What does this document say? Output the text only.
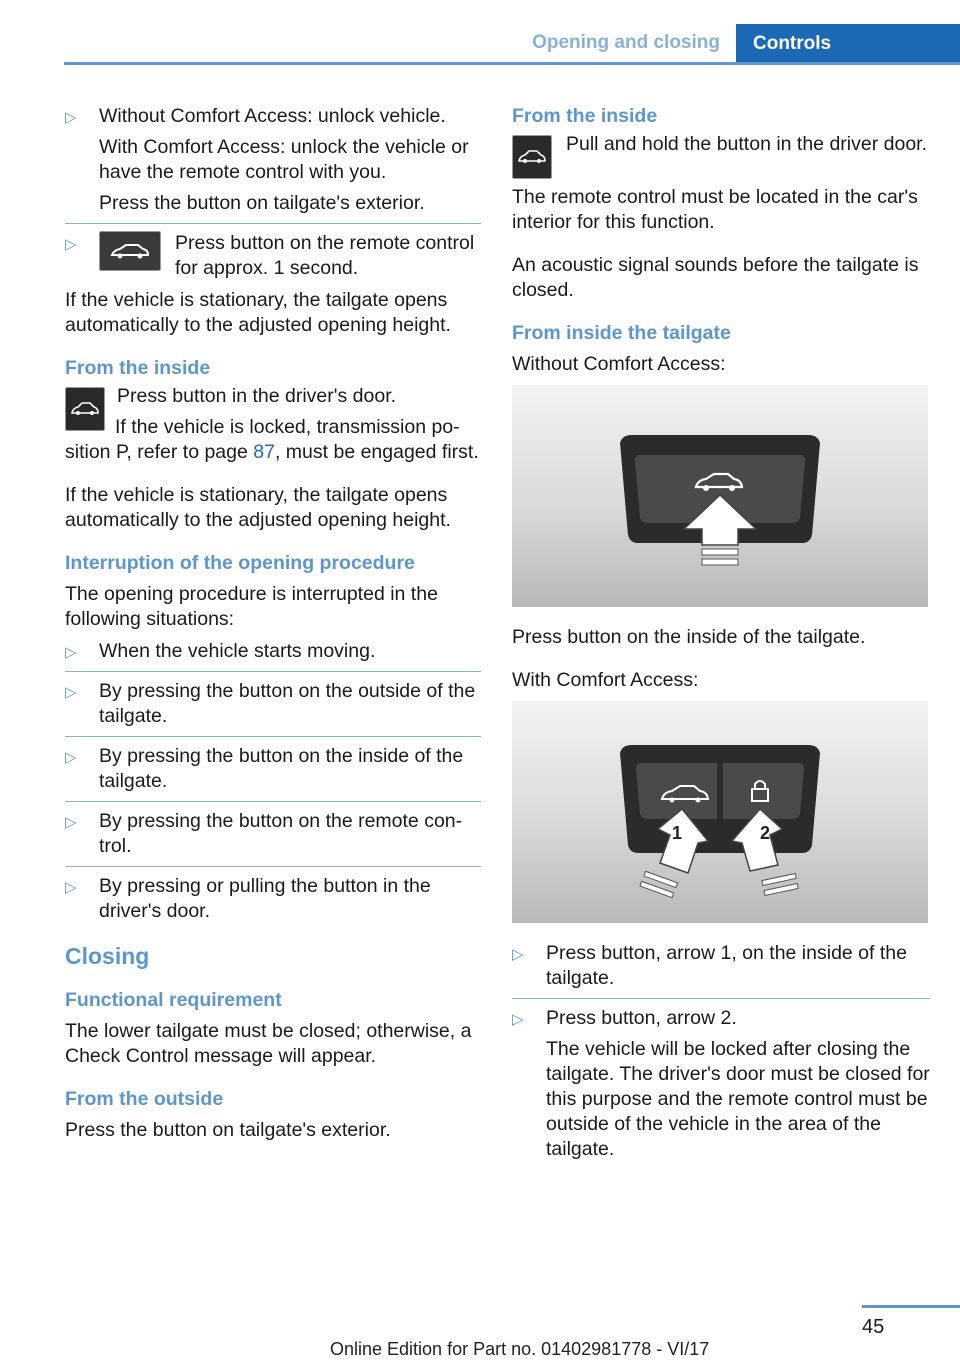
Opening and closing	Controls
▷ Without Comfort Access: unlock vehicle.
With Comfort Access: unlock the vehicle or have the remote control with you.
Press the button on tailgate's exterior.
▷	Press button on the remote control for approx. 1 second.

If the vehicle is stationary, the tailgate opens automatically to the adjusted opening height.

From the inside
Press button in the driver's door.

If the vehicle is locked, transmission position P, refer to page 87, must be engaged first.

If the vehicle is stationary, the tailgate opens automatically to the adjusted opening height.

Interruption of the opening procedure

The opening procedure is interrupted in the following situations:

▷ When the vehicle starts moving.
▷ By pressing the button on the outside of the tailgate.
▷ By pressing the button on the inside of the tailgate.
▷ By pressing the button on the remote control.
▷ By pressing or pulling the button in the driver's door.
Closing
Functional requirement

The lower tailgate must be closed; otherwise, a Check Control message will appear.

From the outside

Press the button on tailgate's exterior.

From the inside
Pull and hold the button in the driver door.

The remote control must be located in the car's interior for this function.

An acoustic signal sounds before the tailgate is closed.

From inside the tailgate

Without Comfort Access:

Press button on the inside of the tailgate.

With Comfort Access:

1	2
▷ Press button, arrow 1, on the inside of the tailgate.
▷ Press button, arrow 2.
The vehicle will be locked after closing the tailgate. The driver's door must be closed for this purpose and the remote control must be outside of the vehicle in the area of the tailgate.
45
Online Edition for Part no. 01402981778 - VI/17
